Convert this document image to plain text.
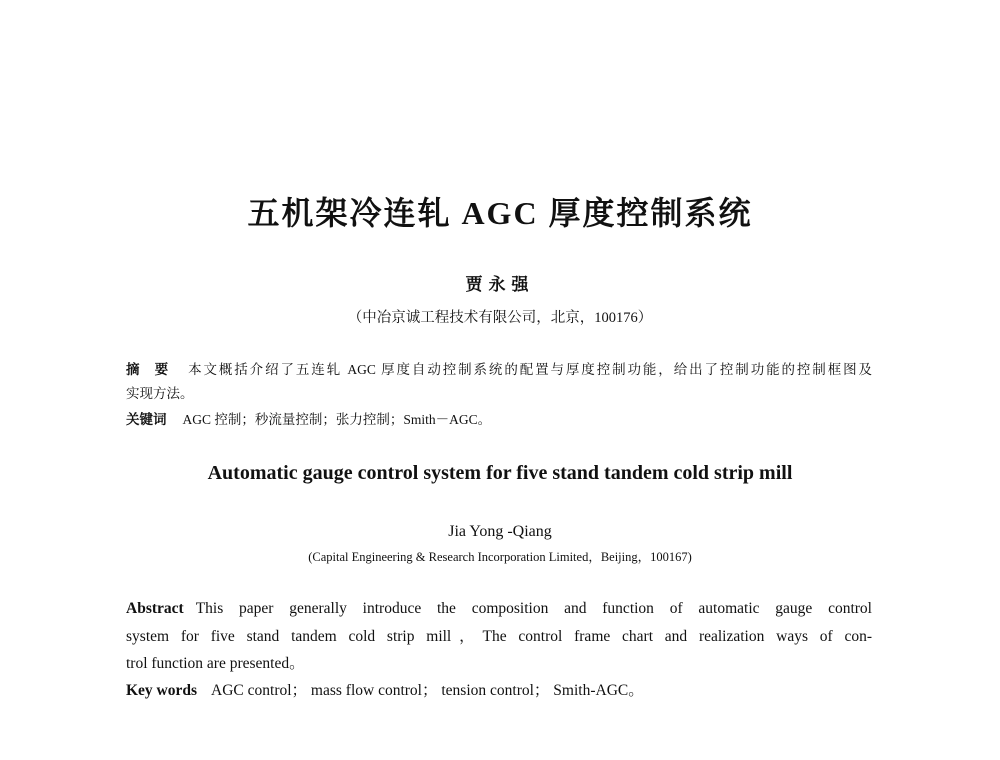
五机架冷连轧 AGC 厚度控制系统
贾永强
（中冶京诚工程技术有限公司，北京，100176）
摘 要 本文概括介绍了五连轧 AGC 厚度自动控制系统的配置与厚度控制功能，给出了控制功能的控制框图及
实现方法。
关键词 AGC 控制；秒流量控制；张力控制；Smith－AGC。
Automatic gauge control system for five stand tandem cold strip mill
Jia Yong -Qiang
(Capital Engineering & Research Incorporation Limited，Beijing，100167)
Abstract This paper generally introduce the composition and function of automatic gauge control
system for five stand tandem cold strip mill，The control frame chart and realization ways of con-
trol function are presented。
Key words AGC control； mass flow control； tension control； Smith-AGC。
